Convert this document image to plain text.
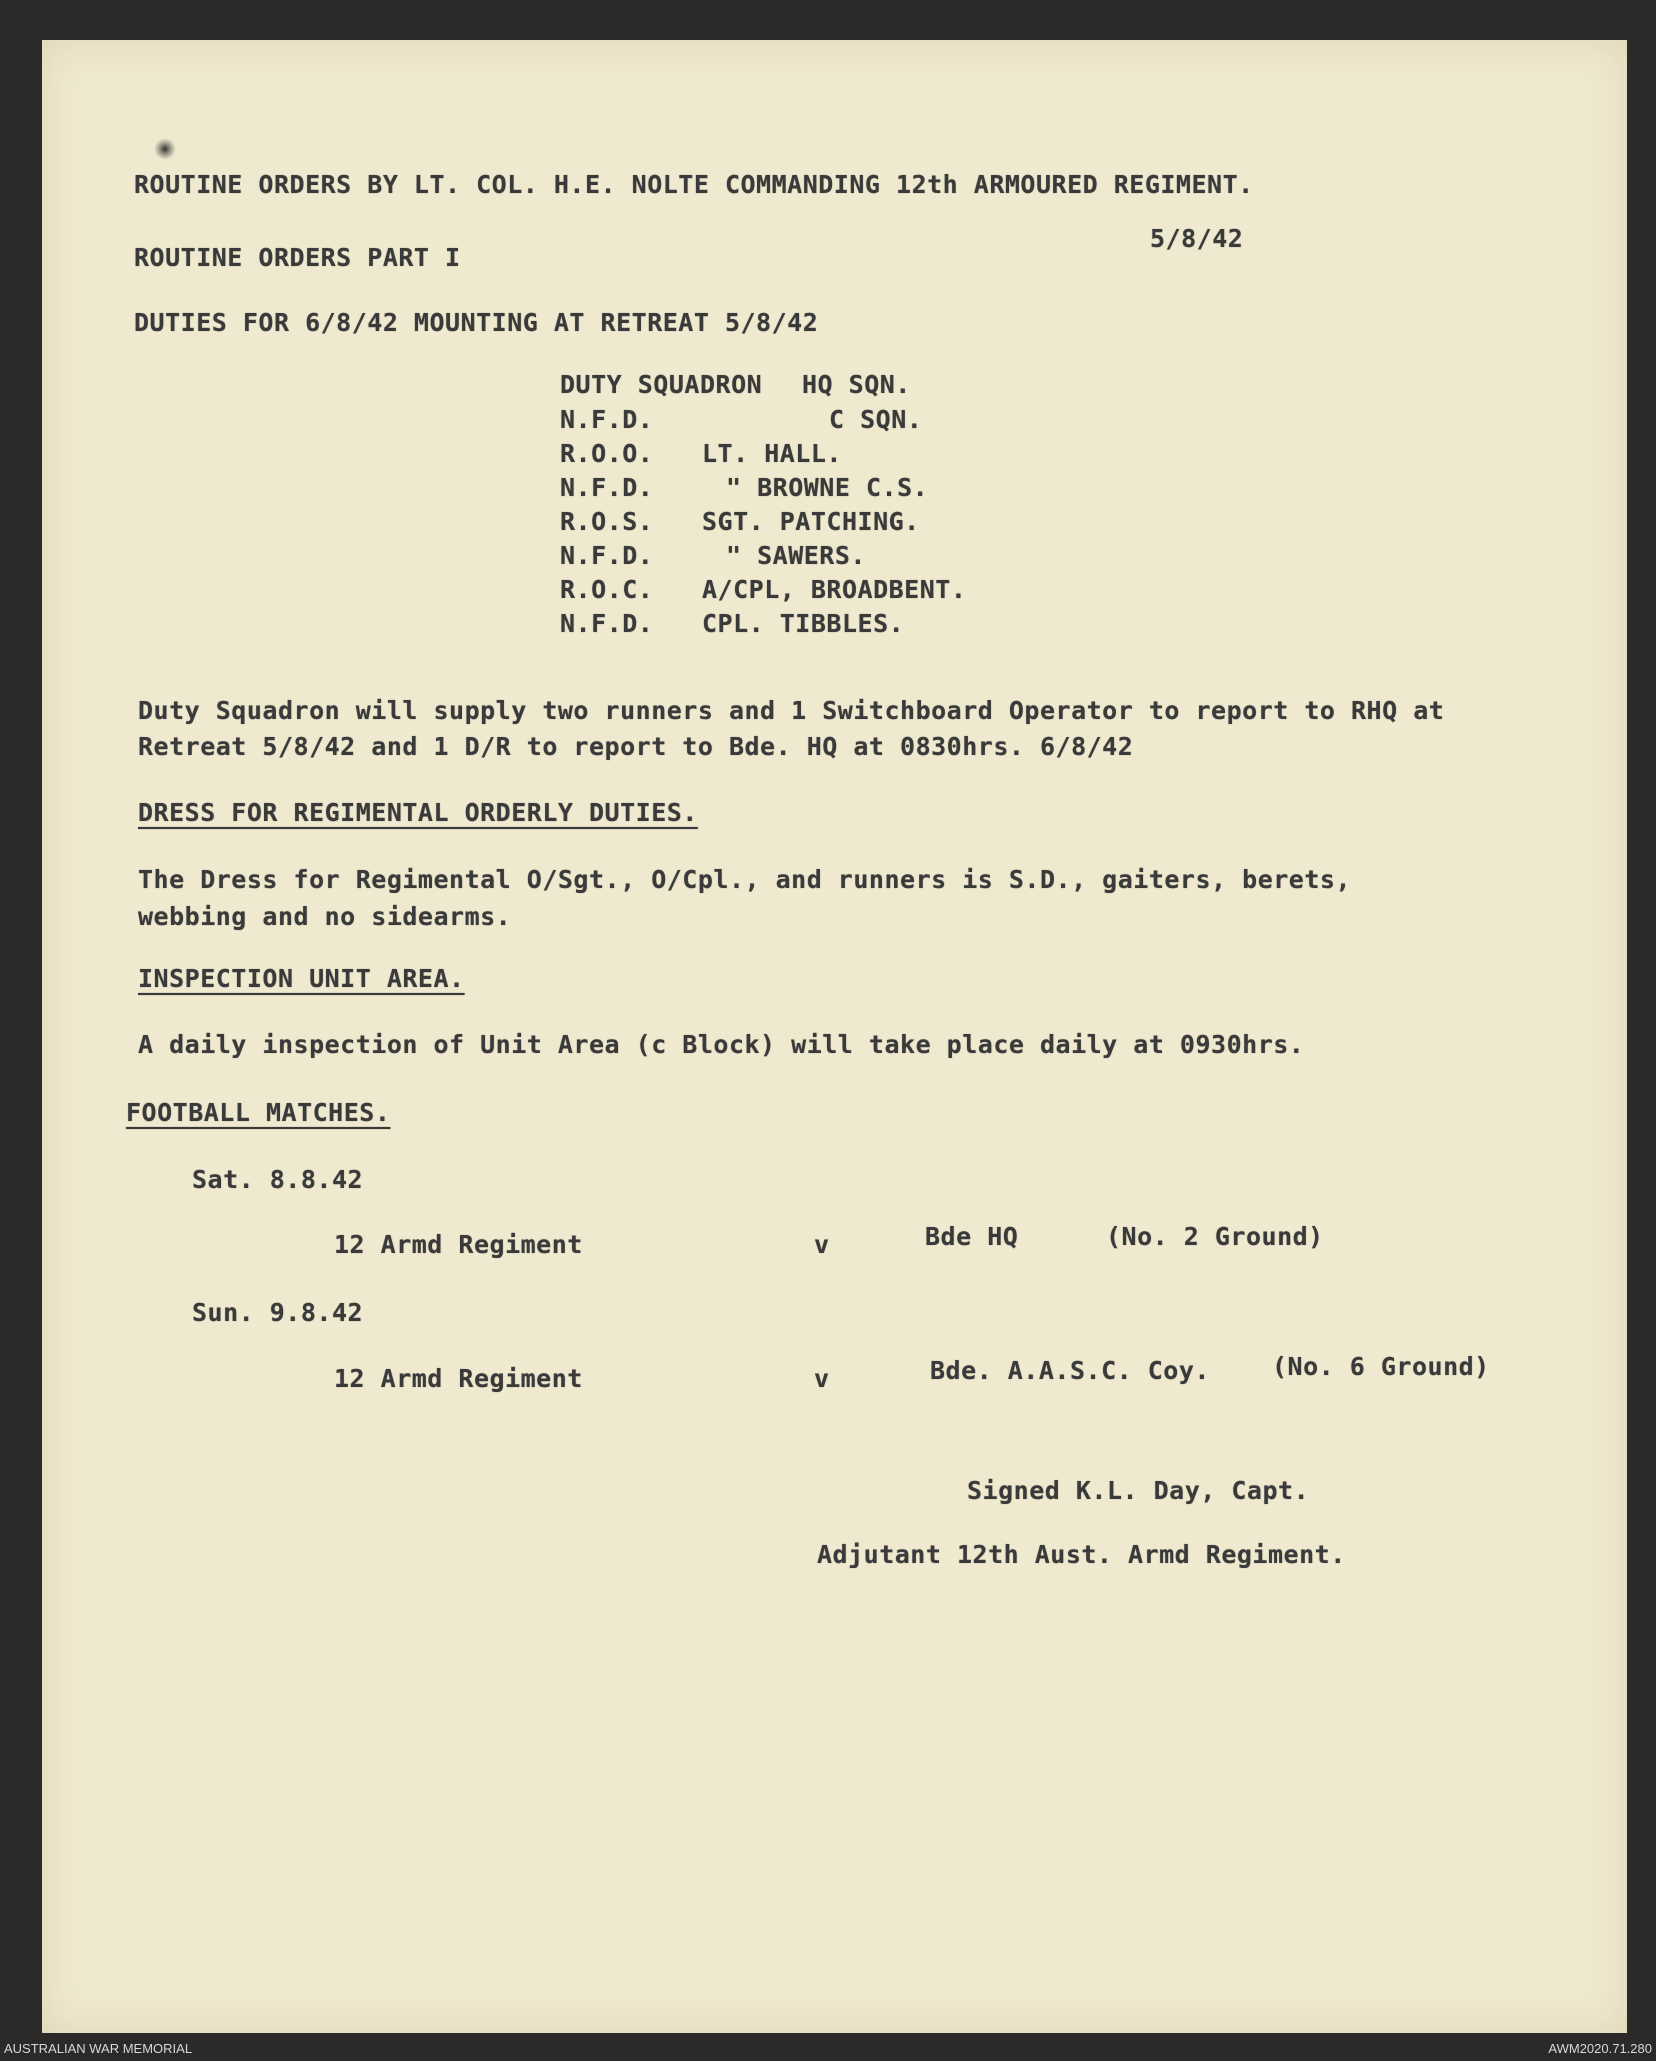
ROUTINE ORDERS BY LT. COL. H.E. NOLTE COMMANDING 12th ARMOURED REGIMENT.
ROUTINE ORDERS PART I
5/8/42
DUTIES FOR 6/8/42 MOUNTING AT RETREAT 5/8/42
DUTY SQUADRON HQ SQN.
N.F.D.	C SQN.
R.O.O. LT. HALL.
N.F.D.	" BROWNE C.S.
R.O.S. SGT. PATCHING.
N.F.D.	" SAWERS.
R.O.C. A/CPL, BROADBENT.
N.F.D. CPL. TIBBLES.
Duty Squadron will supply two runners and 1 Switchboard Operator to report to RHQ at
Retreat 5/8/42 and 1 D/R to report to Bde. HQ at 0830hrs. 6/8/42
DRESS FOR REGIMENTAL ORDERLY DUTIES.
The Dress for Regimental O/Sgt., O/Cpl., and runners is S.D., gaiters, berets,
webbing and no sidearms.
INSPECTION UNIT AREA.
A daily inspection of Unit Area (c Block) will take place daily at 0930hrs.
FOOTBALL MATCHES.
Sat. 8.8.42
12 Armd Regiment	v	Bde HQ	(No. 2 Ground)
Sun. 9.8.42
12 Armd Regiment	v	Bde. A.A.S.C. Coy. (No. 6 Ground)
Signed K.L. Day, Capt.
Adjutant 12th Aust. Armd Regiment.
AUSTRALIAN WAR MEMORIAL	AWM2020.71.280
